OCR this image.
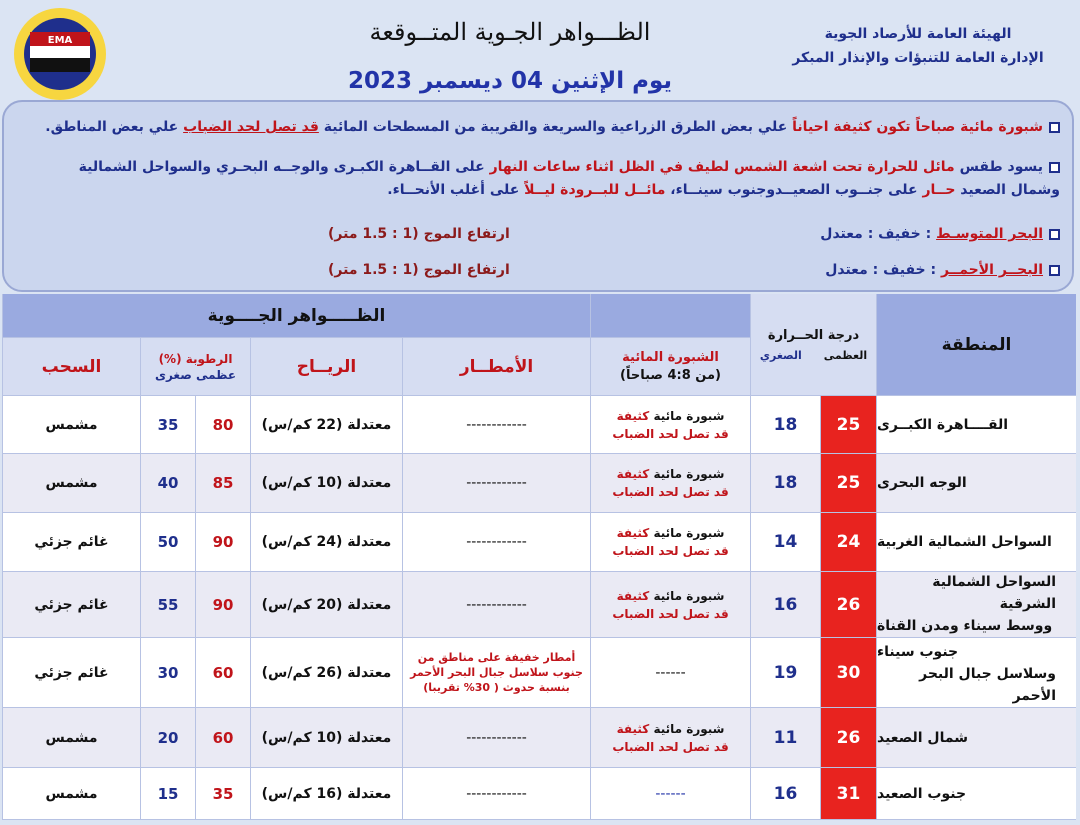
EMA	الظـــواهر الجـوية المتــوقعة
يوم الإثنين 04 ديسمبر 2023
الهيئة العامة للأرصاد الجوية
الإدارة العامة للتنبؤات والإنذار المبكر
شبورة مائية صباحاً تكون كثيفة احياناً علي بعض الطرق الزراعية والسريعة والقريبة من المسطحات المائية قد تصل لحد الضباب علي بعض المناطق.
يسود طقس مائل للحرارة تحت اشعة الشمس لطيف في الظل اثناء ساعات النهار على القــاهرة الكبـرى والوجــه البحـري والسواحل الشمالية
وشمال الصعيد حــار على جنــوب الصعيــدوجنوب سينــاء، مائــل للبــرودة ليــلاً على أغلب الأنحــاء.
البحر المتوسـط : خفيف : معتدل
ارتفاع الموج (1 : 1.5 متر)
البحــر الأحمــر : خفيف : معتدل
ارتفاع الموج (1 : 1.5 متر)
المنطقة
درجة الحــرارة
العظمى
الصغري
الظـــــواهر الجــــوية
الشبورة المائية
(من 4:8 صباحاً)
الأمطــار
الريــاح
الرطوبة (%)
عظمى صغرى
السحب
القــــاهرة الكبــرى
25
18
شبورة مائية كثيفة
قد تصل لحد الضباب
------------
معتدلة (22 كم/س)
80
35
مشمس
الوجه البحرى
25
18
شبورة مائية كثيفة
قد تصل لحد الضباب
------------
معتدلة (10 كم/س)
85
40
مشمس
السواحل الشمالية الغربية
24
14
شبورة مائية كثيفة
قد تصل لحد الضباب
------------
معتدلة (24 كم/س)
90
50
غائم جزئي
السواحل الشمالية الشرقية
ووسط سيناء ومدن القناة
26
16
شبورة مائية كثيفة
قد تصل لحد الضباب
------------
معتدلة (20 كم/س)
90
55
غائم جزئي
جنوب سيناء
وسلاسل جبال البحر الأحمر
30
19
------
أمطار خفيفة على مناطق من
جنوب سلاسل جبال البحر الأحمر
بنسبة حدوث ( 30% تقريبا)
معتدلة (26 كم/س)
60
30
غائم جزئي
شمال الصعيد
26
11
شبورة مائية كثيفة
قد تصل لحد الضباب
------------
معتدلة (10 كم/س)
60
20
مشمس
جنوب الصعيد
31
16
------
------------
معتدلة (16 كم/س)
35
15
مشمس
